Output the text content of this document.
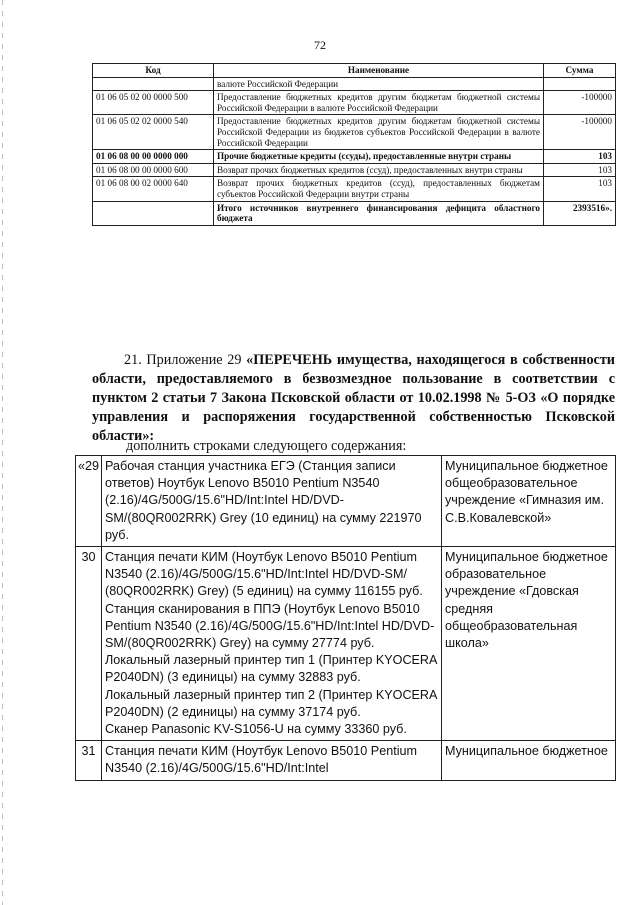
72
Код	Наименование	Сумма
	валюте Российской Федерации	
01 06 05 02 00 0000 500	Предоставление бюджетных кредитов другим бюджетам бюджетной системы Российской Федерации в валюте Российской Федерации	-100000
01 06 05 02 02 0000 540	Предоставление бюджетных кредитов другим бюджетам бюджетной системы Российской Федерации из бюджетов субъектов Российской Федерации в валюте Российской Федерации	-100000
01 06 08 00 00 0000 000	Прочие бюджетные кредиты (ссуды), предоставленные внутри страны	103
01 06 08 00 00 0000 600	Возврат прочих бюджетных кредитов (ссуд), предоставленных внутри страны	103
01 06 08 00 02 0000 640	Возврат прочих бюджетных кредитов (ссуд), предоставленных бюджетам субъектов Российской Федерации внутри страны	103
	Итого источников внутреннего финансирования дефицита областного бюджета	2393516».
21. Приложение 29 «ПЕРЕЧЕНЬ имущества, находящегося в собственности области, предоставляемого в безвозмездное пользование в соответствии с пунктом 2 статьи 7 Закона Псковской области от 10.02.1998 № 5-ОЗ «О порядке управления и распоряжения государственной собственностью Псковской области»:
дополнить строками следующего содержания:
«29	Рабочая станция участника ЕГЭ (Станция записи ответов) Ноутбук Lenovo B5010 Pentium N3540 (2.16)/4G/500G/15.6"HD/Int:Intel HD/DVD-SM/(80QR002RRK) Grey (10 единиц) на сумму 221970 руб.	Муниципальное бюджетное общеобразовательное учреждение «Гимназия им. С.В.Ковалевской»
30	Станция печати КИМ (Ноутбук Lenovo B5010 Pentium N3540 (2.16)/4G/500G/15.6"HD/Int:Intel HD/DVD-SM/ (80QR002RRK) Grey) (5 единиц) на сумму 116155 руб.
Станция сканирования в ППЭ (Ноутбук Lenovo B5010 Pentium N3540 (2.16)/4G/500G/15.6"HD/Int:Intel HD/DVD-SM/(80QR002RRK) Grey) на сумму 27774 руб.
Локальный лазерный принтер тип 1 (Принтер KYOCERA P2040DN) (3 единицы) на сумму 32883 руб.
Локальный лазерный принтер тип 2 (Принтер KYOCERA P2040DN) (2 единицы) на сумму 37174 руб.
Сканер Panasonic KV-S1056-U на сумму 33360 руб.	Муниципальное бюджетное образовательное учреждение «Гдовская средняя общеобразовательная школа»
31	Станция печати КИМ (Ноутбук Lenovo B5010 Pentium N3540 (2.16)/4G/500G/15.6"HD/Int:Intel	Муниципальное бюджетное
